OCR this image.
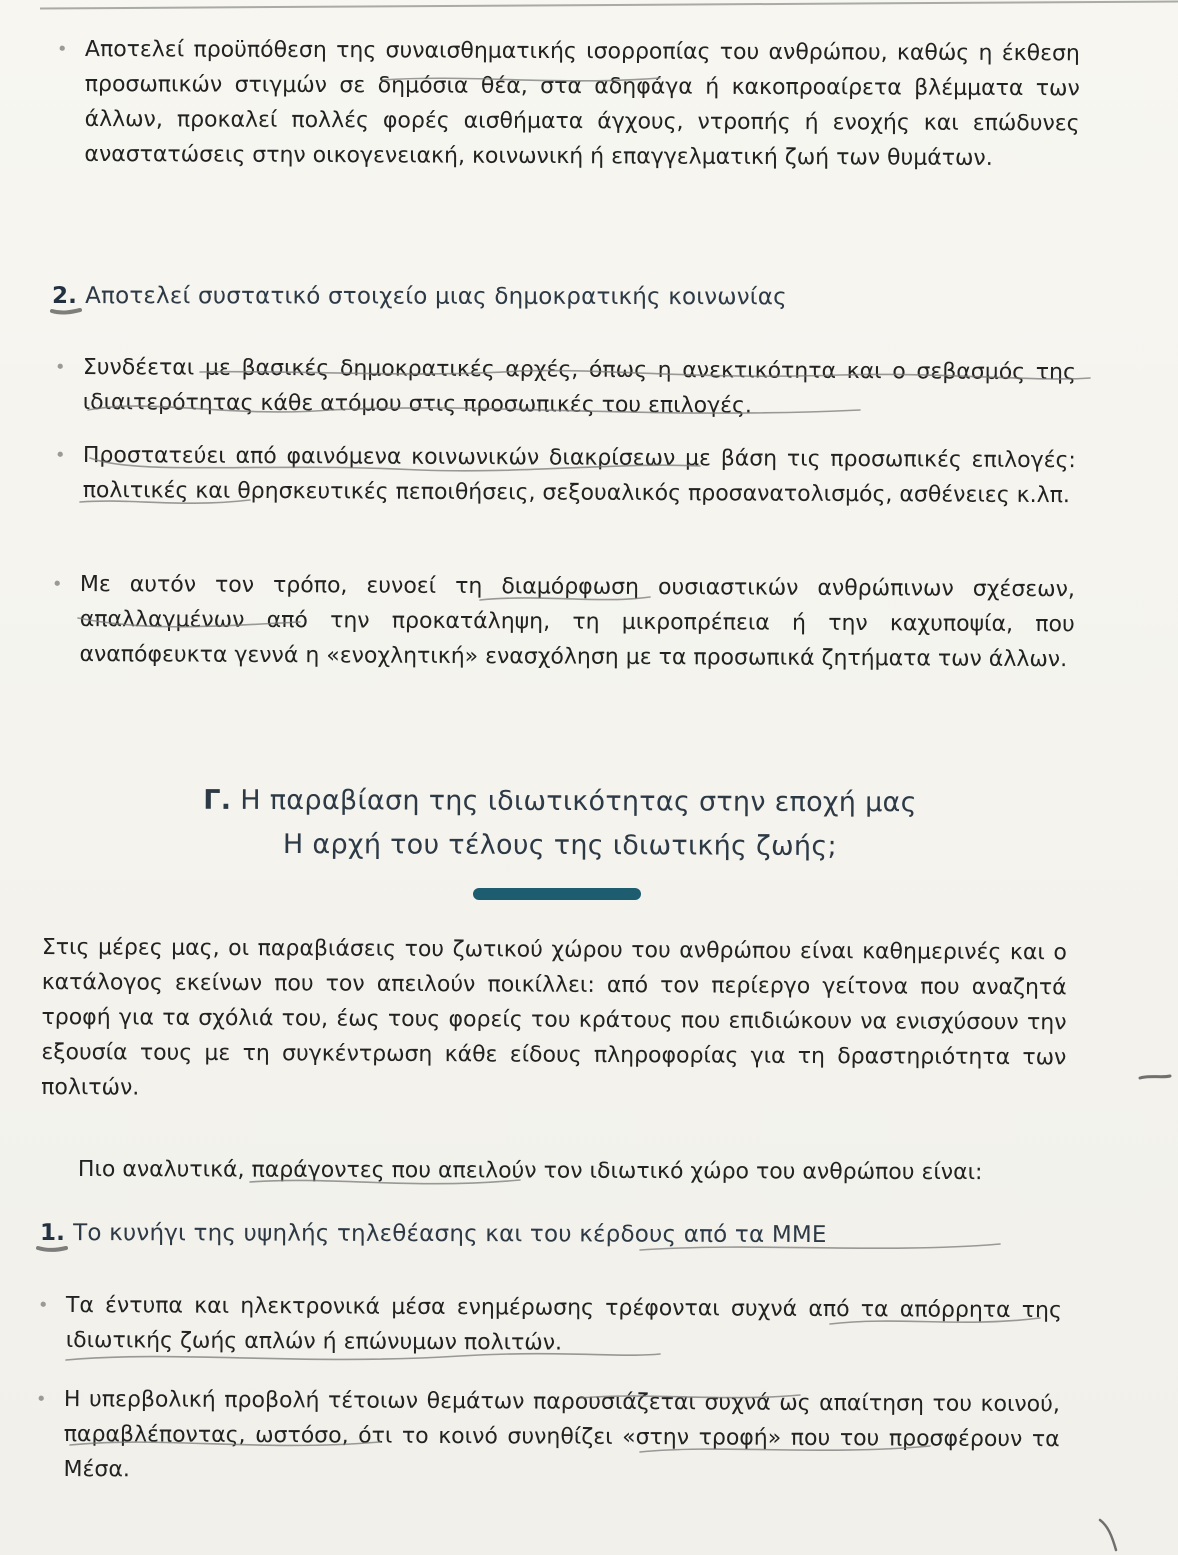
• Αποτελεί προϋπόθεση της συναισθηματικής ισορροπίας του ανθρώπου, καθώς η έκθεση προσωπικών στιγμών σε δημόσια θέα, στα αδηφάγα ή κακοπροαίρετα βλέμματα των άλλων, προκαλεί πολλές φορές αισθήματα άγχους, ντροπής ή ενοχής και επώδυνες αναστατώσεις στην οικογενειακή, κοινωνική ή επαγγελματική ζωή των θυμάτων.
2. Αποτελεί συστατικό στοιχείο μιας δημοκρατικής κοινωνίας
• Συνδέεται με βασικές δημοκρατικές αρχές, όπως η ανεκτικότητα και ο σεβασμός της ιδιαιτερότητας κάθε ατόμου στις προσωπικές του επιλογές.
• Προστατεύει από φαινόμενα κοινωνικών διακρίσεων με βάση τις προσωπικές επιλογές: πολιτικές και θρησκευτικές πεποιθήσεις, σεξουαλικός προσανατολισμός, ασθένειες κ.λπ.
• Με αυτόν τον τρόπο, ευνοεί τη διαμόρφωση ουσιαστικών ανθρώπινων σχέσεων, απαλλαγμένων από την προκατάληψη, τη μικροπρέπεια ή την καχυποψία, που αναπόφευκτα γεννά η «ενοχλητική» ενασχόληση με τα προσωπικά ζητήματα των άλλων.
Γ. Η παραβίαση της ιδιωτικότητας στην εποχή μας
Η αρχή του τέλους της ιδιωτικής ζωής;
Στις μέρες μας, οι παραβιάσεις του ζωτικού χώρου του ανθρώπου είναι καθημερινές και ο κατάλογος εκείνων που τον απειλούν ποικίλλει: από τον περίεργο γείτονα που αναζητά τροφή για τα σχόλιά του, έως τους φορείς του κράτους που επιδιώκουν να ενισχύσουν την εξουσία τους με τη συγκέντρωση κάθε είδους πληροφορίας για τη δραστηριότητα των πολιτών.
Πιο αναλυτικά, παράγοντες που απειλούν τον ιδιωτικό χώρο του ανθρώπου είναι:
1. Το κυνήγι της υψηλής τηλεθέασης και του κέρδους από τα ΜΜΕ
• Τα έντυπα και ηλεκτρονικά μέσα ενημέρωσης τρέφονται συχνά από τα απόρρητα της ιδιωτικής ζωής απλών ή επώνυμων πολιτών.
• Η υπερβολική προβολή τέτοιων θεμάτων παρουσιάζεται συχνά ως απαίτηση του κοινού, παραβλέποντας, ωστόσο, ότι το κοινό συνηθίζει «στην τροφή» που του προσφέρουν τα Μέσα.
